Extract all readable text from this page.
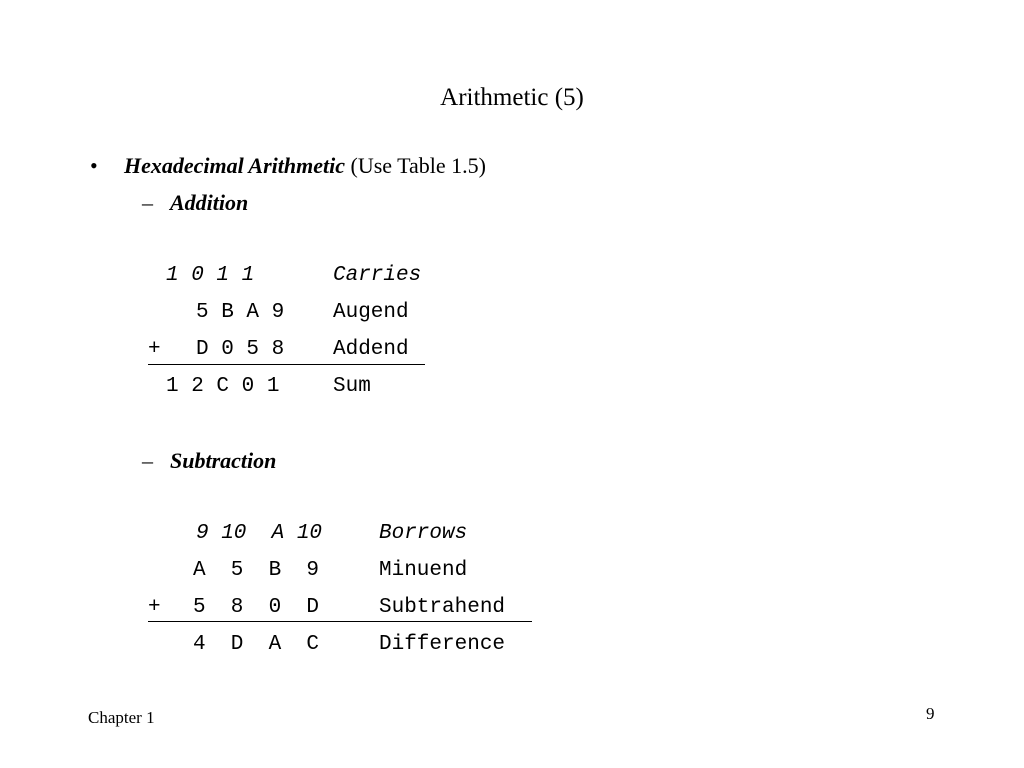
Arithmetic (5)
• Hexadecimal Arithmetic (Use Table 1.5)
– Addition
1 0 1 1	Carries
5 B A 9 Augend
+ D 0 5 8 Addend
1 2 C 0 1	Sum
– Subtraction
9 10  A 10	Borrows
A  5  B  9	Minuend
+ 5  8  0  D	Subtrahend
4  D  A  C	Difference
Chapter 1	9
